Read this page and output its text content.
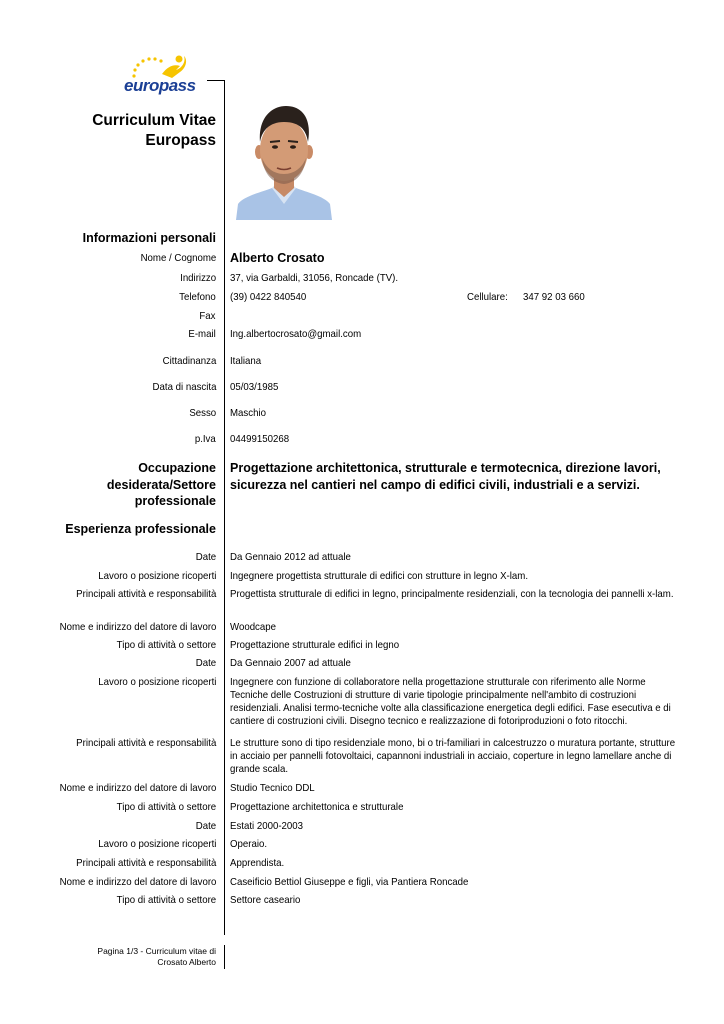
europass
Curriculum Vitae
Europass
Informazioni personali
Nome / Cognome Alberto Crosato
Indirizzo 37, via Garbaldi, 31056, Roncade (TV).
Telefono (39) 0422 840540	Cellulare: 347 92 03 660
Fax
E-mail Ing.albertocrosato@gmail.com
Cittadinanza Italiana
Data di nascita 05/03/1985
Sesso Maschio
p.Iva 04499150268
Occupazione
desiderata/Settore
professionale
Progettazione architettonica, strutturale e termotecnica, direzione lavori, sicurezza nel cantieri nel campo di edifici civili, industriali e a servizi.
Esperienza professionale
Date Da Gennaio 2012 ad attuale
Lavoro o posizione ricoperti Ingegnere progettista strutturale di edifici con strutture in legno X-lam.
Principali attività e responsabilità Progettista strutturale di edifici in legno, principalmente residenziali, con la tecnologia dei pannelli x-lam.
Nome e indirizzo del datore di lavoro Woodcape
Tipo di attività o settore Progettazione strutturale edifici in legno
Date Da Gennaio 2007 ad attuale
Lavoro o posizione ricoperti Ingegnere con funzione di collaboratore nella progettazione strutturale con riferimento alle Norme Tecniche delle Costruzioni di strutture di varie tipologie principalmente nell'ambito di costruzioni residenziali. Analisi termo-tecniche volte alla classificazione energetica degli edifici. Fase esecutiva e di cantiere di costruzioni civili. Disegno tecnico e realizzazione di fotoriproduzioni o foto ritocchi.
Principali attività e responsabilità Le strutture sono di tipo residenziale mono, bi o tri-familiari in calcestruzzo o muratura portante, strutture in acciaio per pannelli fotovoltaici, capannoni industriali in acciaio, coperture in legno lamellare anche di grande scala.
Nome e indirizzo del datore di lavoro Studio Tecnico DDL
Tipo di attività o settore Progettazione architettonica e strutturale
Date Estati 2000-2003
Lavoro o posizione ricoperti Operaio.
Principali attività e responsabilità Apprendista.
Nome e indirizzo del datore di lavoro Caseificio Bettiol Giuseppe e figli, via Pantiera Roncade
Tipo di attività o settore Settore caseario
Pagina 1/3 - Curriculum vitae di
Crosato Alberto
